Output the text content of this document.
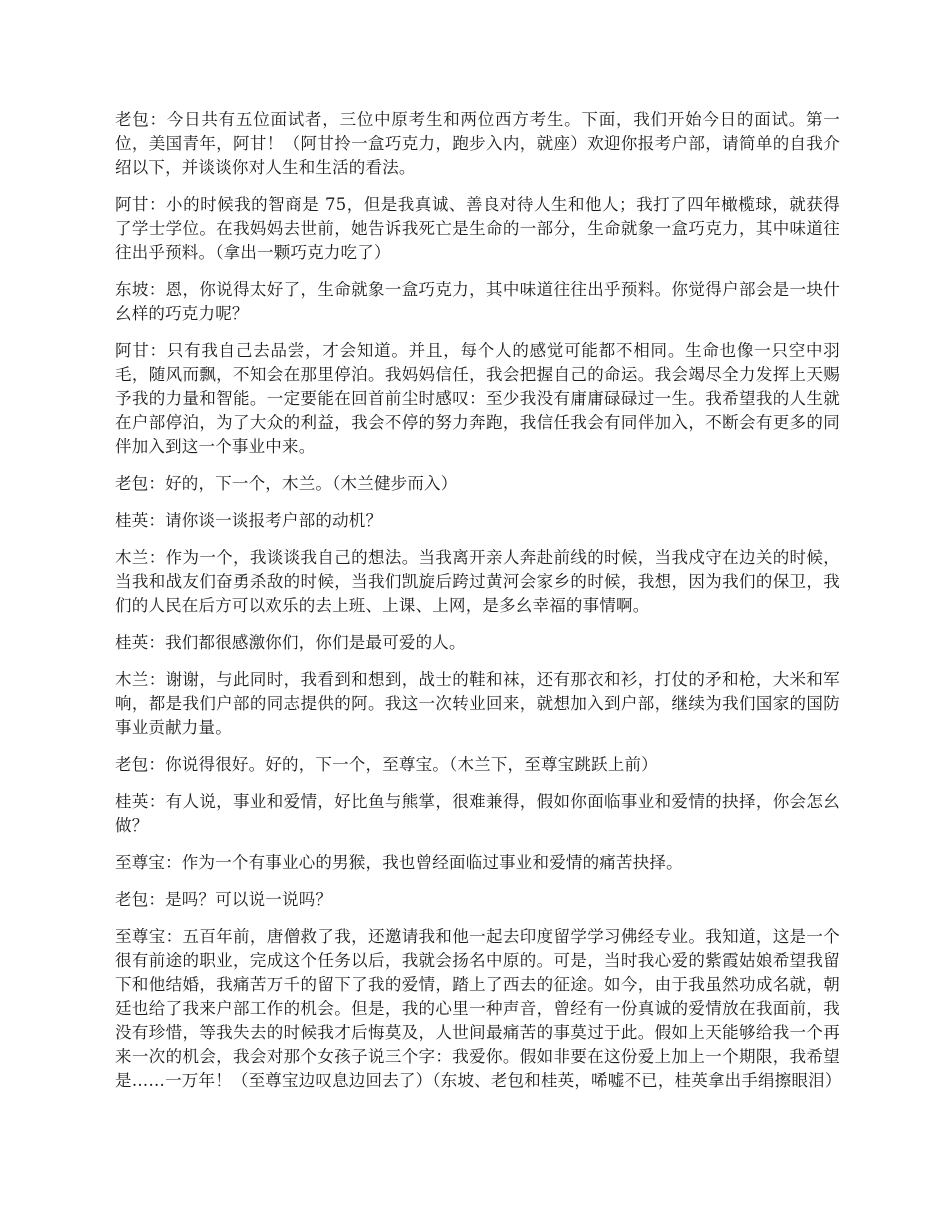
老包：今日共有五位面试者，三位中原考生和两位西方考生。下面，我们开始今日的面试。第一位，美国青年，阿甘！（阿甘拎一盒巧克力，跑步入内，就座）欢迎你报考户部，请简单的自我介绍以下，并谈谈你对人生和生活的看法。

阿甘：小的时候我的智商是 75，但是我真诚、善良对待人生和他人；我打了四年橄榄球，就获得了学士学位。在我妈妈去世前，她告诉我死亡是生命的一部分，生命就象一盒巧克力，其中味道往往出乎预料。（拿出一颗巧克力吃了）

东坡：恩，你说得太好了，生命就象一盒巧克力，其中味道往往出乎预料。你觉得户部会是一块什幺样的巧克力呢？

阿甘：只有我自己去品尝，才会知道。并且，每个人的感觉可能都不相同。生命也像一只空中羽毛，随风而飘，不知会在那里停泊。我妈妈信任，我会把握自己的命运。我会竭尽全力发挥上天赐予我的力量和智能。一定要能在回首前尘时感叹：至少我没有庸庸碌碌过一生。我希望我的人生就在户部停泊，为了大众的利益，我会不停的努力奔跑，我信任我会有同伴加入，不断会有更多的同伴加入到这一个事业中来。

老包：好的，下一个，木兰。（木兰健步而入）

桂英：请你谈一谈报考户部的动机？

木兰：作为一个，我谈谈我自己的想法。当我离开亲人奔赴前线的时候，当我戍守在边关的时候，当我和战友们奋勇杀敌的时候，当我们凯旋后跨过黄河会家乡的时候，我想，因为我们的保卫，我们的人民在后方可以欢乐的去上班、上课、上网，是多幺幸福的事情啊。

桂英：我们都很感激你们，你们是最可爱的人。

木兰：谢谢，与此同时，我看到和想到，战士的鞋和袜，还有那衣和衫，打仗的矛和枪，大米和军响，都是我们户部的同志提供的阿。我这一次转业回来，就想加入到户部，继续为我们国家的国防事业贡献力量。

老包：你说得很好。好的，下一个，至尊宝。（木兰下，至尊宝跳跃上前）

桂英：有人说，事业和爱情，好比鱼与熊掌，很难兼得，假如你面临事业和爱情的抉择，你会怎幺做？

至尊宝：作为一个有事业心的男猴，我也曾经面临过事业和爱情的痛苦抉择。

老包：是吗？可以说一说吗？

至尊宝：五百年前，唐僧救了我，还邀请我和他一起去印度留学学习佛经专业。我知道，这是一个很有前途的职业，完成这个任务以后，我就会扬名中原的。可是，当时我心爱的紫霞姑娘希望我留下和他结婚，我痛苦万千的留下了我的爱情，踏上了西去的征途。如今，由于我虽然功成名就，朝廷也给了我来户部工作的机会。但是，我的心里一种声音，曾经有一份真诚的爱情放在我面前，我没有珍惜，等我失去的时候我才后悔莫及，人世间最痛苦的事莫过于此。假如上天能够给我一个再来一次的机会，我会对那个女孩子说三个字：我爱你。假如非要在这份爱上加上一个期限，我希望是……一万年！（至尊宝边叹息边回去了）（东坡、老包和桂英，唏嘘不已，桂英拿出手绢擦眼泪）
